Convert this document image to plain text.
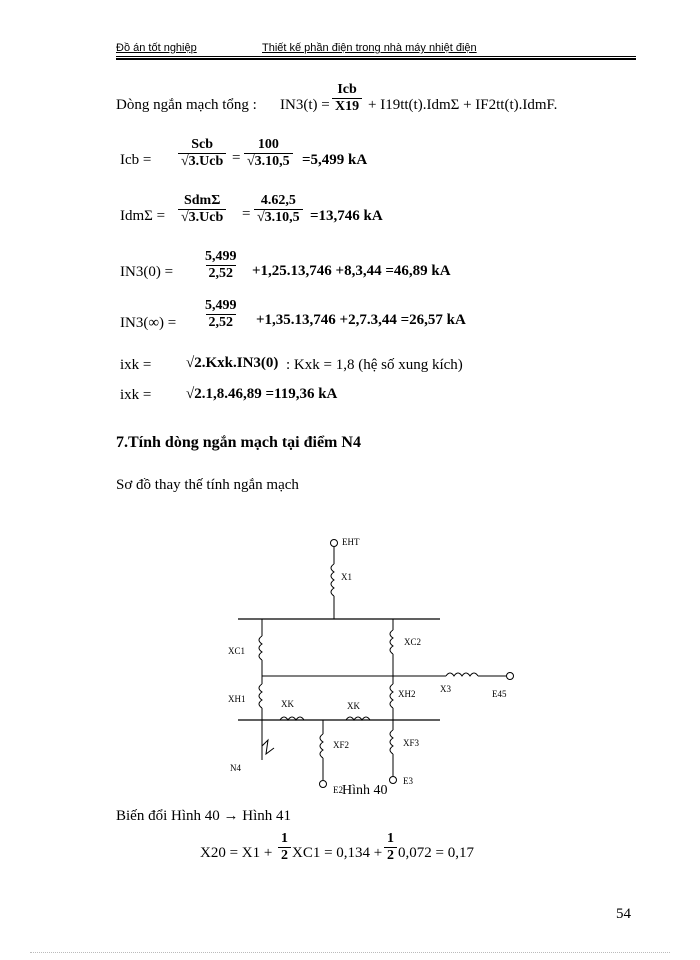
Đồ án tốt nghiệp	Thiết kế phần điện trong nhà máy nhiệt điện
Dòng ngắn mạch tổng : IN3(t) =
Icb
X19 + I19tt(t).IdmΣ + IF2tt(t).IdmF.
Icb =
Scb
$√3.Ucb = \frac{100}{√3.10,5} =5,499$ kA
IdmΣ =
SdmΣ
$√3.Ucb = \frac{4.62,5}{√3.10,5} =13,746$ kA
$IN3(0) = \frac{5,499}{2,52} +1,25.13,746 +8,3,44 =46,89$ kA
$IN3(\infty) = \frac{5,499}{2,52} +1,35.13,746 +2,7.3,44 =26,57$ kA
ixk = √2.Kxk.IN3(0) : Kxk = 1,8 (hệ số xung kích)
ixk = √2.1,8.46,89 =119,36 kA
7.Tính dòng ngắn mạch tại điểm N4
Sơ đồ thay thế tính ngắn mạch
EHT
X1
XC1
XC2
XH1	XH2
XK	XK
X3	E45
XF2	XF3
N4
E2
E3
Hình 40
Biến đổi Hình 40 → Hình 41
$X20 = X1 + \frac{1}{2} XC1 = 0,134 + \frac{1}{2} 0,072 = 0,17$
54
